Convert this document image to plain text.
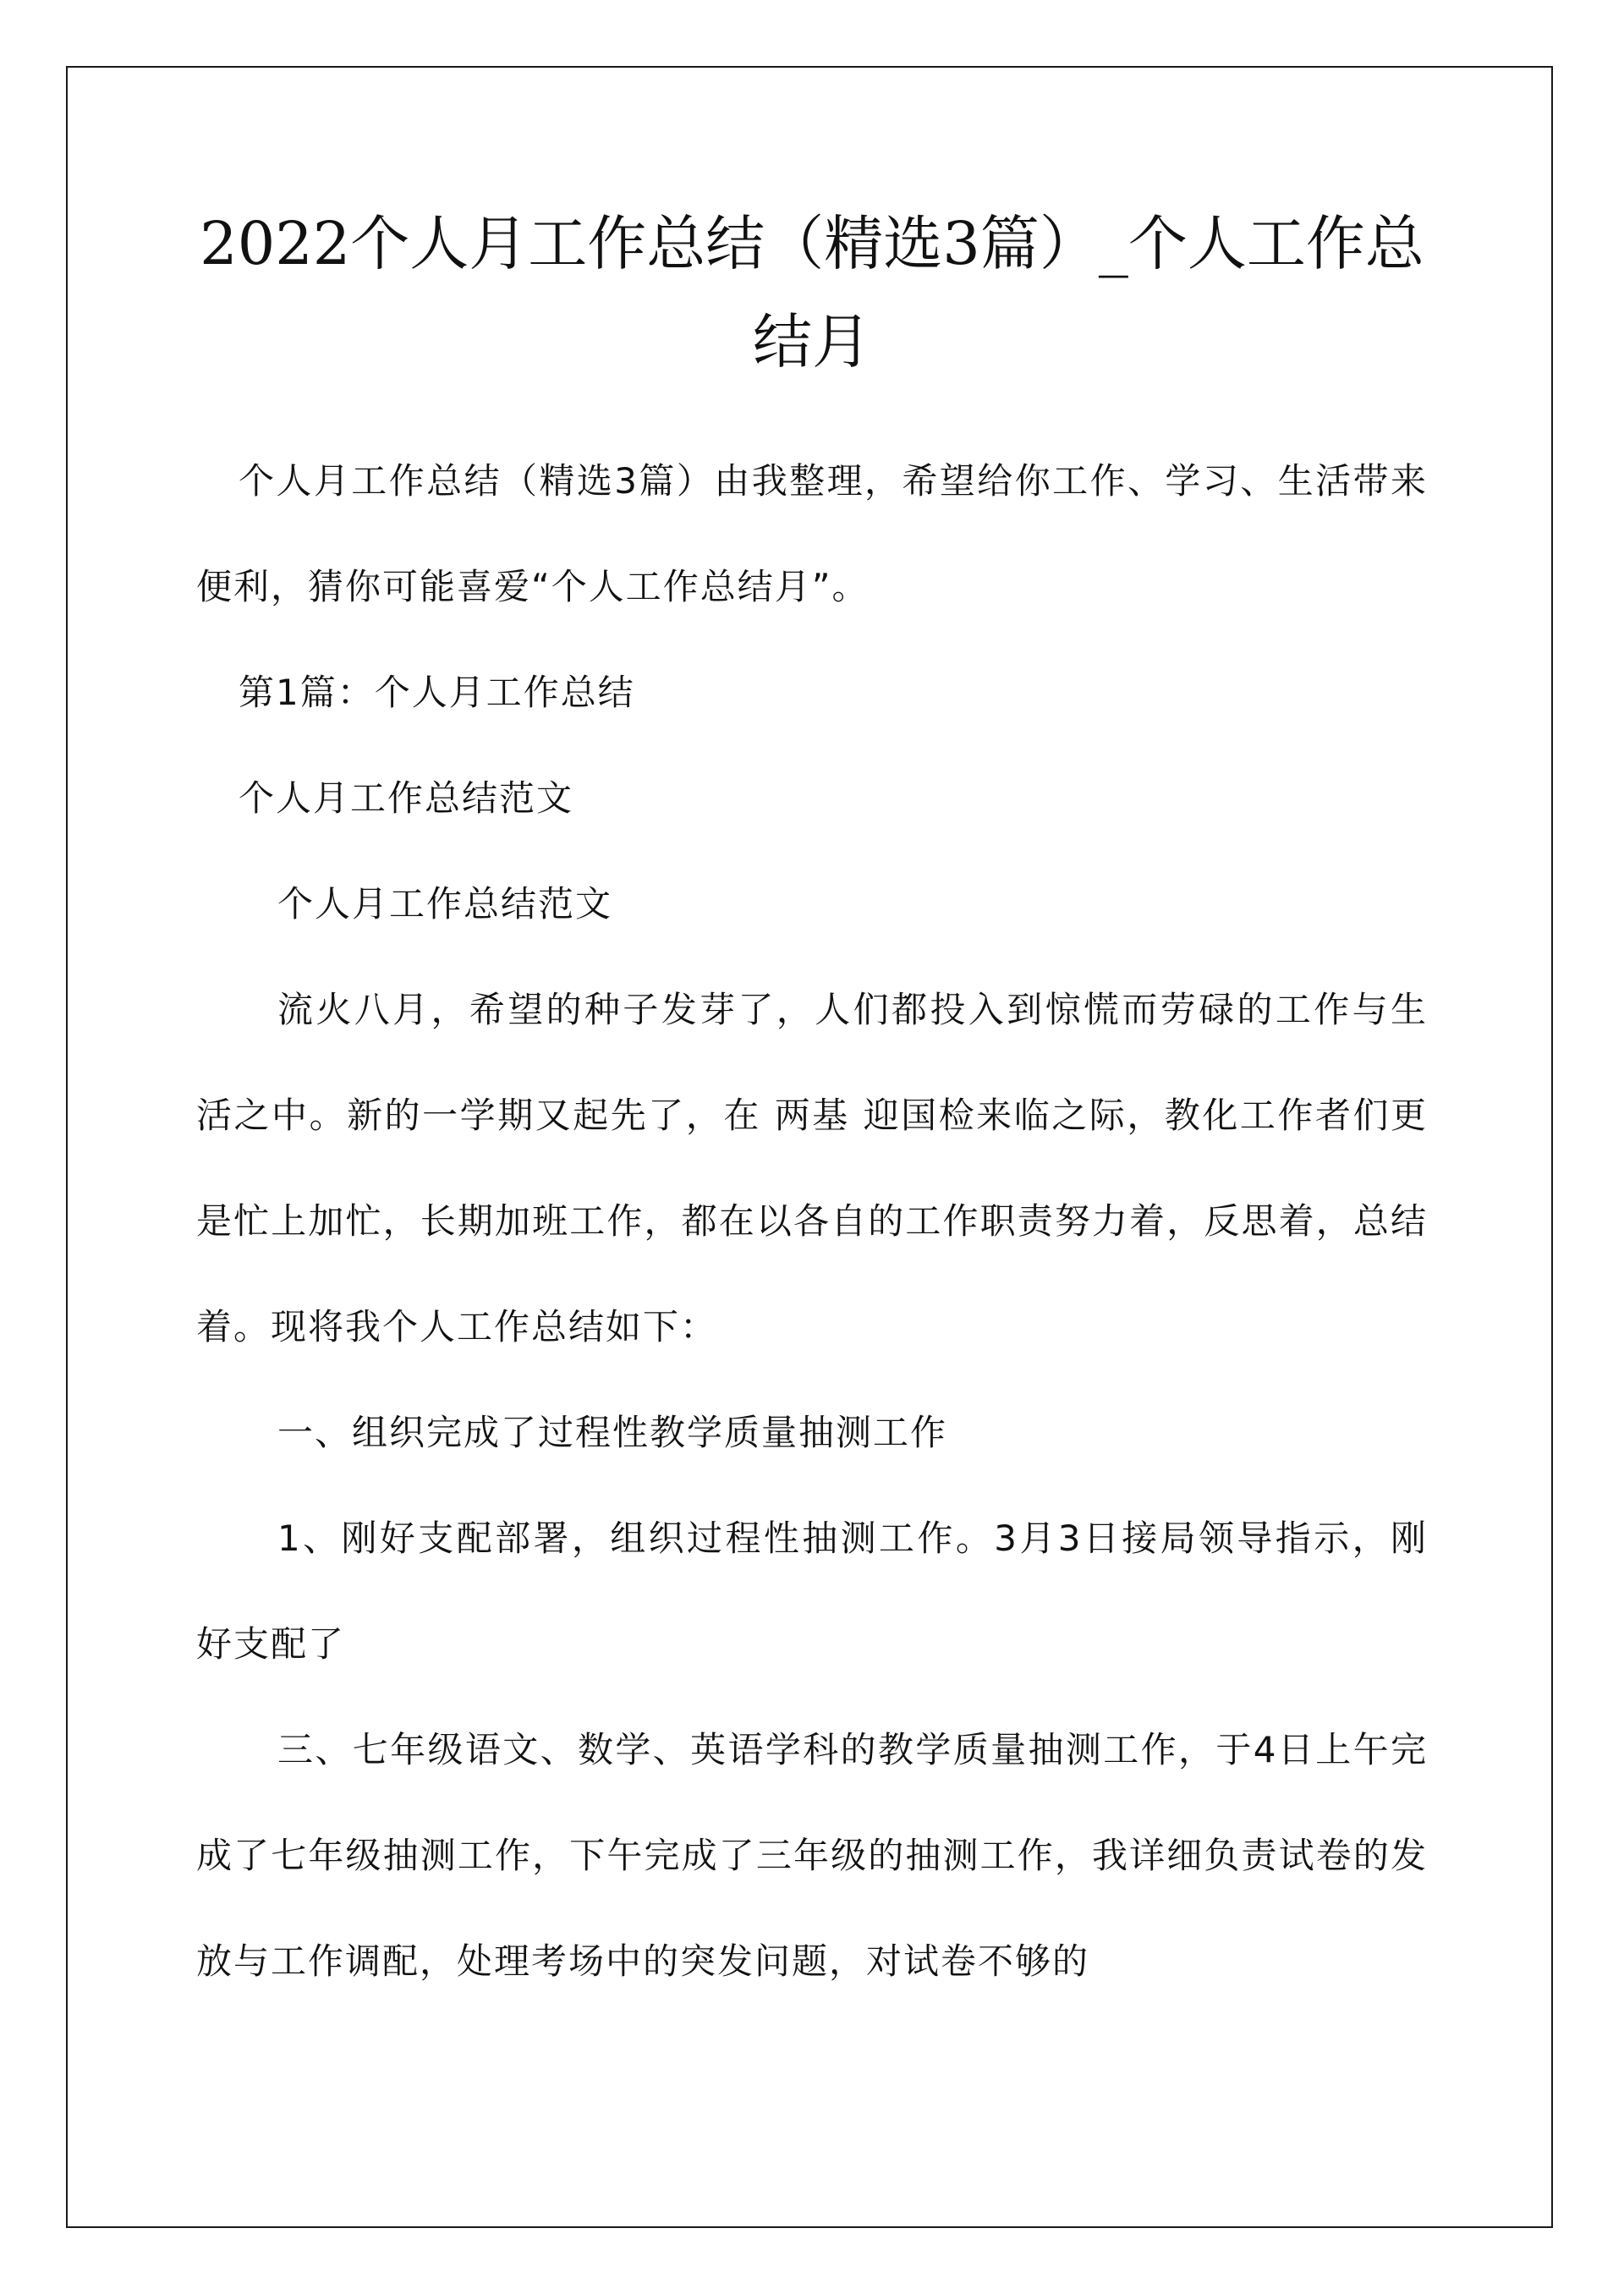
2022个人月工作总结（精选3篇）_个人工作总
结月

个人月工作总结（精选3篇）由我整理，希望给你工作、学习、生活带来便利，猜你可能喜爱“个人工作总结月”。

第1篇：个人月工作总结

个人月工作总结范文

个人月工作总结范文

流火八月，希望的种子发芽了，人们都投入到惊慌而劳碌的工作与生活之中。新的一学期又起先了，在 两基 迎国检来临之际，教化工作者们更是忙上加忙，长期加班工作，都在以各自的工作职责努力着，反思着，总结着。现将我个人工作总结如下：

一、组织完成了过程性教学质量抽测工作

1、刚好支配部署，组织过程性抽测工作。3月3日接局领导指示，刚好支配了

三、七年级语文、数学、英语学科的教学质量抽测工作，于4日上午完成了七年级抽测工作，下午完成了三年级的抽测工作，我详细负责试卷的发放与工作调配，处理考场中的突发问题，对试卷不够的
